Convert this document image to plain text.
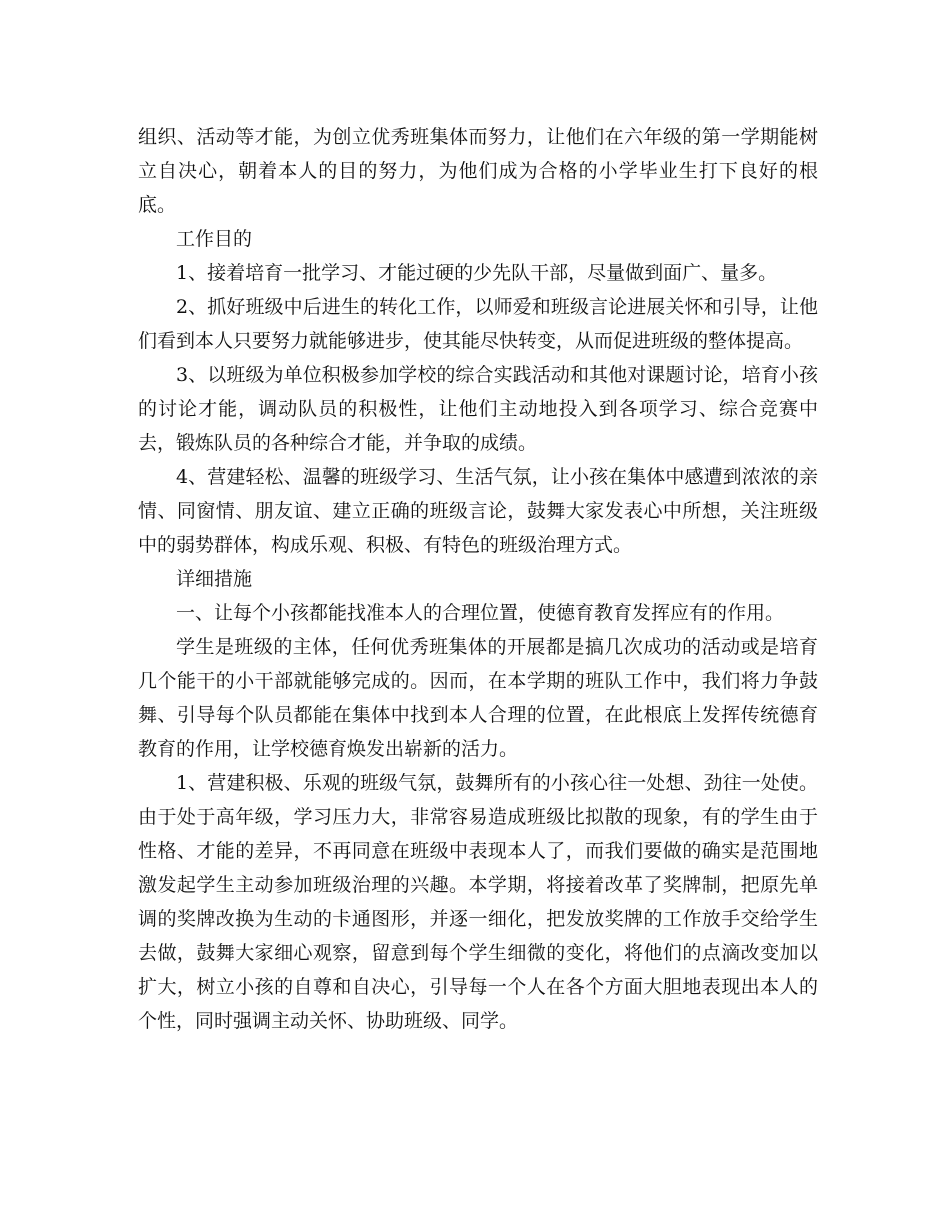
组织、活动等才能，为创立优秀班集体而努力，让他们在六年级的第一学期能树立自决心，朝着本人的目的努力，为他们成为合格的小学毕业生打下良好的根底。

工作目的

1、接着培育一批学习、才能过硬的少先队干部，尽量做到面广、量多。

2、抓好班级中后进生的转化工作，以师爱和班级言论进展关怀和引导，让他们看到本人只要努力就能够进步，使其能尽快转变，从而促进班级的整体提高。

3、以班级为单位积极参加学校的综合实践活动和其他对课题讨论，培育小孩的讨论才能，调动队员的积极性，让他们主动地投入到各项学习、综合竞赛中去，锻炼队员的各种综合才能，并争取的成绩。

4、营建轻松、温馨的班级学习、生活气氛，让小孩在集体中感遭到浓浓的亲情、同窗情、朋友谊、建立正确的班级言论，鼓舞大家发表心中所想，关注班级中的弱势群体，构成乐观、积极、有特色的班级治理方式。

详细措施

一、让每个小孩都能找准本人的合理位置，使德育教育发挥应有的作用。

学生是班级的主体，任何优秀班集体的开展都是搞几次成功的活动或是培育几个能干的小干部就能够完成的。因而，在本学期的班队工作中，我们将力争鼓舞、引导每个队员都能在集体中找到本人合理的位置，在此根底上发挥传统德育教育的作用，让学校德育焕发出崭新的活力。

1、营建积极、乐观的班级气氛，鼓舞所有的小孩心往一处想、劲往一处使。由于处于高年级，学习压力大，非常容易造成班级比拟散的现象，有的学生由于性格、才能的差异，不再同意在班级中表现本人了，而我们要做的确实是范围地激发起学生主动参加班级治理的兴趣。本学期，将接着改革了奖牌制，把原先单调的奖牌改换为生动的卡通图形，并逐一细化，把发放奖牌的工作放手交给学生去做，鼓舞大家细心观察，留意到每个学生细微的变化，将他们的点滴改变加以扩大，树立小孩的自尊和自决心，引导每一个人在各个方面大胆地表现出本人的个性，同时强调主动关怀、协助班级、同学。
